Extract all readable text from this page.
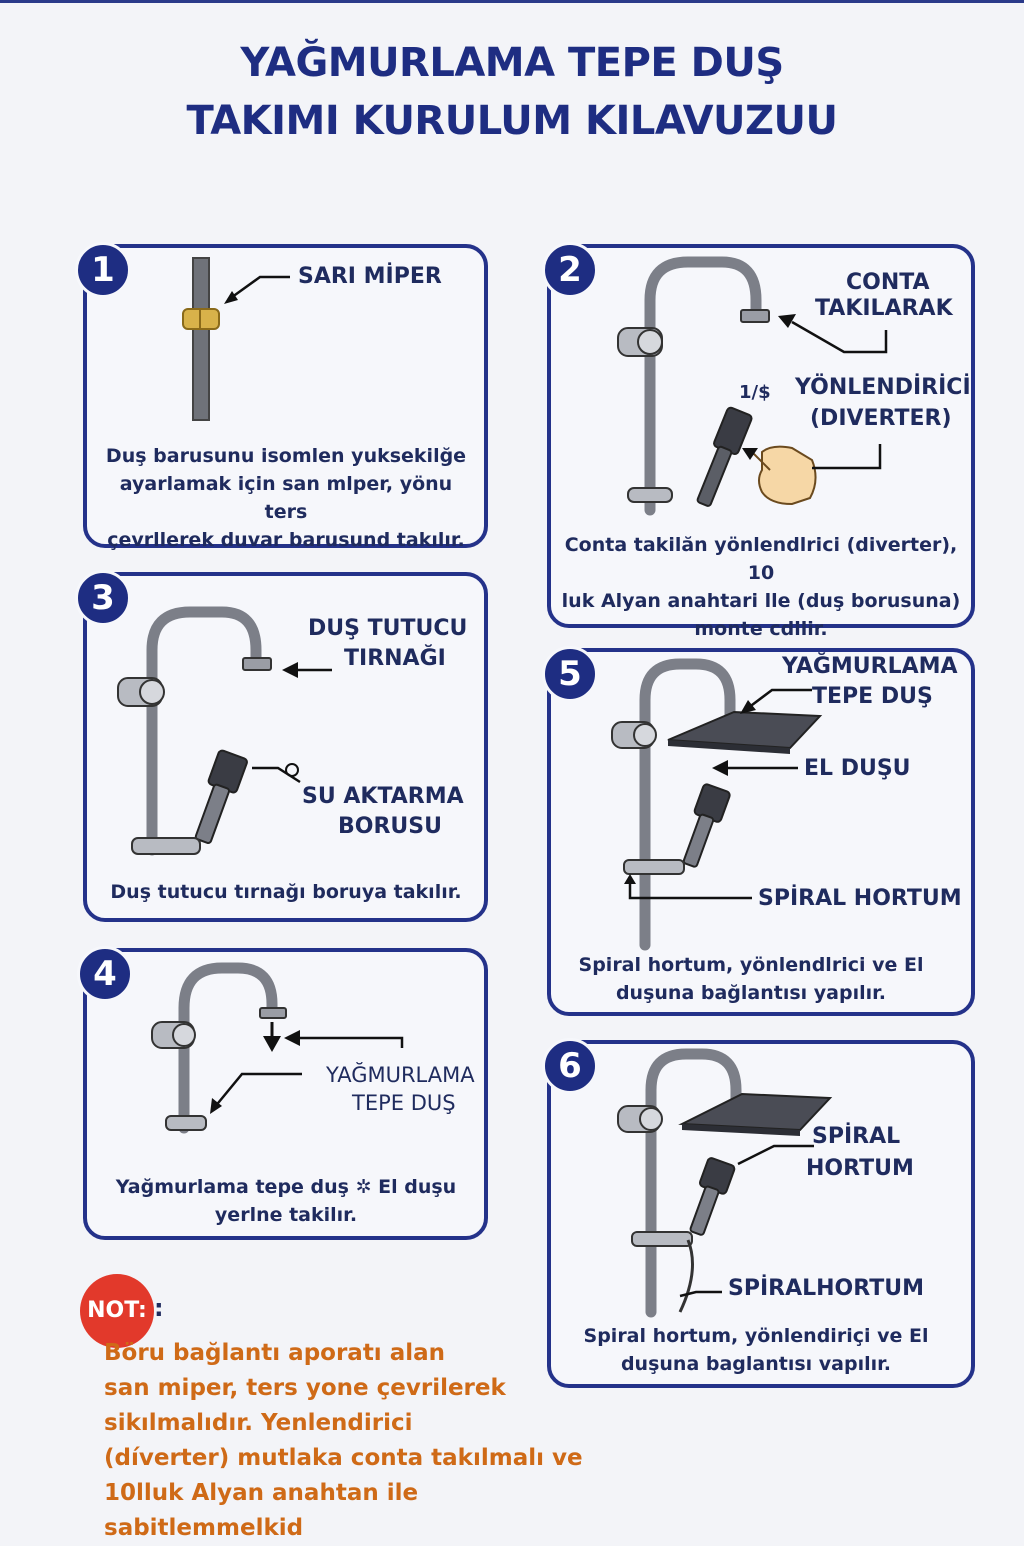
YAĞMURLAMA TEPE DUŞ
TAKIMI KURULUM KILAVUZUU
1	SARI MİPER
Duş barusunu isomlen yuksekilğe
ayarlamak için san mlper, yönu ters
çevrllerek duvar barusund takılır.
2	CONTA
TAKILARAK
YÖNLENDİRİCİ
(DIVERTER)
1/$
Conta takilăn yönlendlrici (diverter), 10
luk Alyan anahtari lle (duş borusuna)
monte cdllir.
3
DUŞ TUTUCU
TIRNAĞI
SU AKTARMA
BORUSU
Duş tutucu tırnağı boruya takılır.
4
YAĞMURLAMA
TEPE DUŞ
Yağmurlama tepe duş ✲ El duşu
yerlne takilır.
5	YAĞMURLAMA
TEPE DUŞ
EL DUŞU
SPİRAL HORTUM
Spiral hortum, yönlendlrici ve El
duşuna bağlantısı yapılır.
6
SPİRAL
HORTUM
SPİRALHORTUM
Spiral hortum, yönlendiriçi ve El
duşuna baglantısı vapılır.
NOT: :
Böru bağlantı aporatı alan
san miper, ters yone çevrilerek
sikılmalıdır. Yenlendirici
(díverter) mutlaka conta takılmalı ve
10lluk Alyan anahtan ile
sabitlemmelkid
